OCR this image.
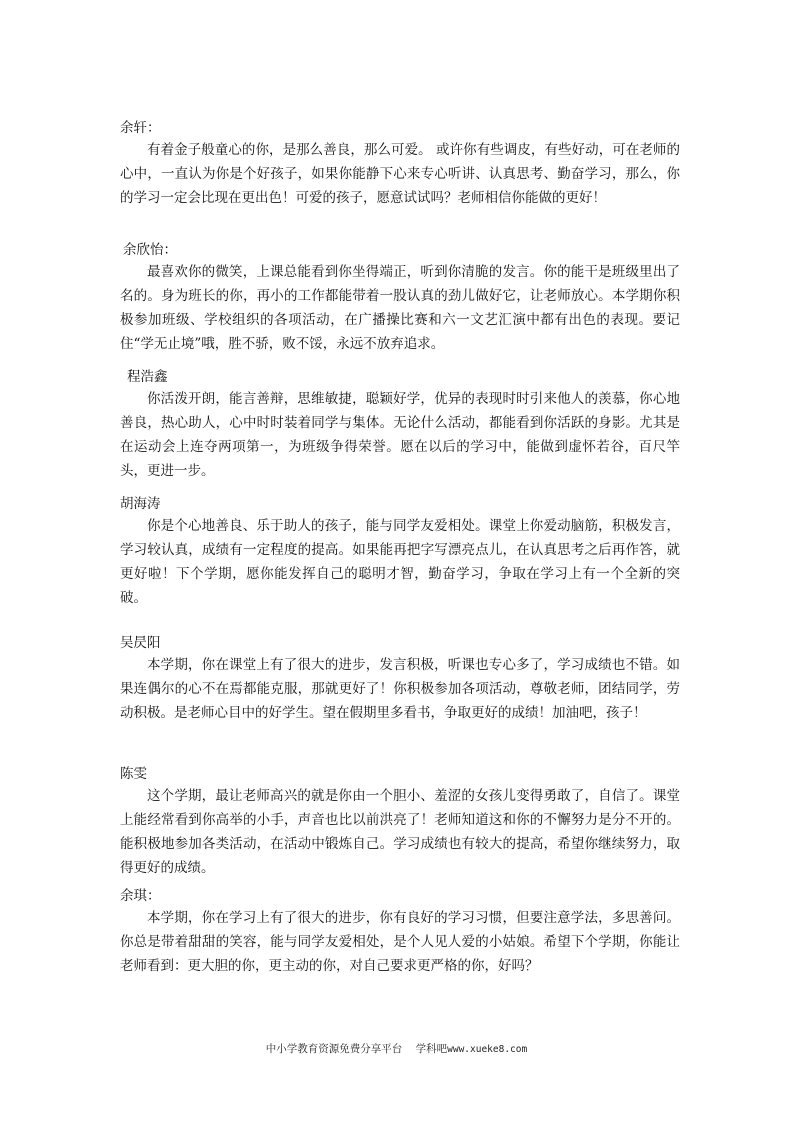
余轩：

有着金子般童心的你，是那么善良，那么可爱。 或许你有些调皮，有些好动，可在老师的心中，一直认为你是个好孩子，如果你能静下心来专心听讲、认真思考、勤奋学习，那么，你的学习一定会比现在更出色！可爱的孩子，愿意试试吗？老师相信你能做的更好！

余欣怡：

最喜欢你的微笑，上课总能看到你坐得端正，听到你清脆的发言。你的能干是班级里出了名的。身为班长的你，再小的工作都能带着一股认真的劲儿做好它，让老师放心。本学期你积极参加班级、学校组织的各项活动，在广播操比赛和六一文艺汇演中都有出色的表现。要记住“学无止境”哦，胜不骄，败不馁，永远不放弃追求。

程浩鑫

你活泼开朗，能言善辩，思维敏捷，聪颖好学，优异的表现时时引来他人的羡慕，你心地善良，热心助人，心中时时装着同学与集体。无论什么活动，都能看到你活跃的身影。尤其是在运动会上连夺两项第一，为班级争得荣誉。愿在以后的学习中，能做到虚怀若谷，百尺竿头，更进一步。

胡海涛

你是个心地善良、乐于助人的孩子，能与同学友爱相处。课堂上你爱动脑筋，积极发言，学习较认真，成绩有一定程度的提高。如果能再把字写漂亮点儿，在认真思考之后再作答，就更好啦！下个学期，愿你能发挥自己的聪明才智，勤奋学习，争取在学习上有一个全新的突破。

吴昃阳

本学期，你在课堂上有了很大的进步，发言积极，听课也专心多了，学习成绩也不错。如果连偶尔的心不在焉都能克服，那就更好了！你积极参加各项活动，尊敬老师，团结同学，劳动积极。是老师心目中的好学生。望在假期里多看书，争取更好的成绩！加油吧，孩子！

陈雯

这个学期，最让老师高兴的就是你由一个胆小、羞涩的女孩儿变得勇敢了，自信了。课堂上能经常看到你高举的小手，声音也比以前洪亮了！老师知道这和你的不懈努力是分不开的。能积极地参加各类活动，在活动中锻炼自己。学习成绩也有较大的提高，希望你继续努力，取得更好的成绩。

余琪：

本学期，你在学习上有了很大的进步，你有良好的学习习惯，但要注意学法，多思善问。你总是带着甜甜的笑容，能与同学友爱相处，是个人见人爱的小姑娘。希望下个学期，你能让老师看到：更大胆的你，更主动的你，对自己要求更严格的你，好吗？

中小学教育资源免费分享平台 学科吧www.xueke8.com
